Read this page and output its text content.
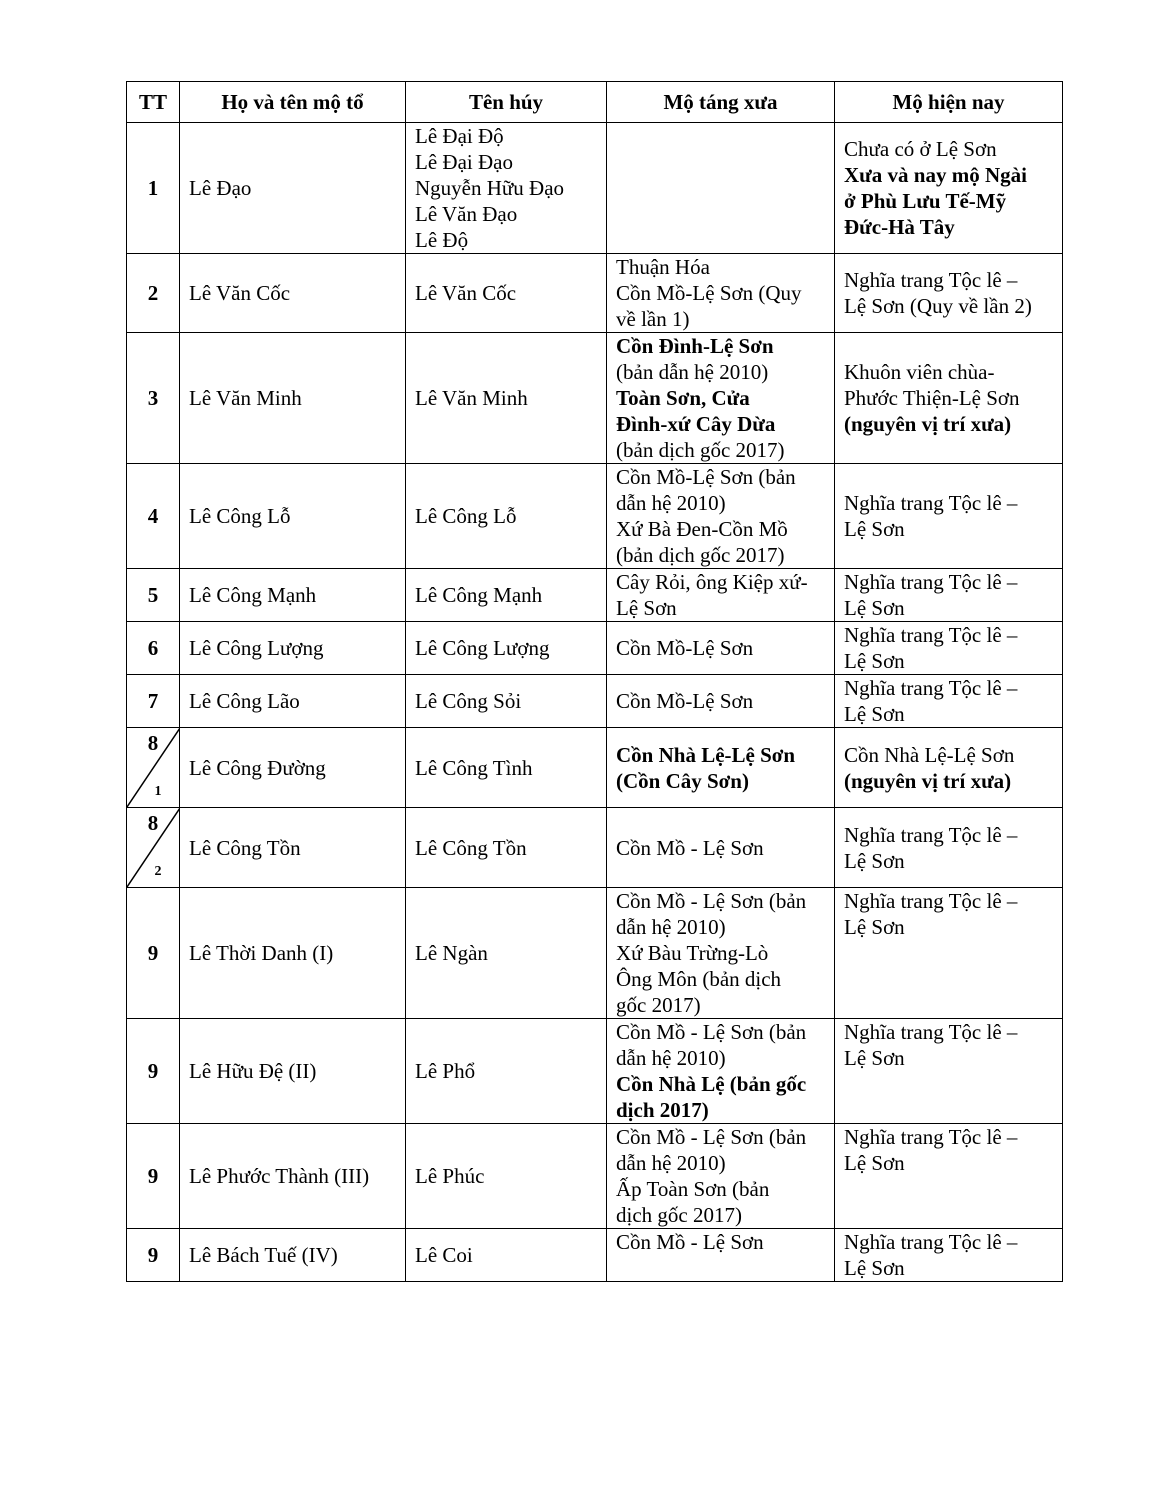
TT	Họ và tên mộ tổ	Tên húy	Mộ táng xưa	Mộ hiện nay
1	Lê Đạo	Lê Đại Độ
Lê Đại Đạo
Nguyễn Hữu Đạo
Lê Văn Đạo
Lê Độ		Chưa có ở Lệ Sơn
Xưa và nay mộ Ngài
ở Phù Lưu Tế-Mỹ
Đức-Hà Tây

2	Lê Văn Cốc	Lê Văn Cốc	Thuận Hóa
Cồn Mồ-Lệ Sơn (Quy
về lần 1)	Nghĩa trang Tộc lê –
Lệ Sơn (Quy về lần 2)

3	Lê Văn Minh	Lê Văn Minh	Cồn Đình-Lệ Sơn
(bản dẫn hệ 2010)
Toàn Sơn, Cửa
Đình-xứ Cây Dừa
(bản dịch gốc 2017)	Khuôn viên chùa-
Phước Thiện-Lệ Sơn
(nguyên vị trí xưa)

4	Lê Công Lỗ	Lê Công Lỗ	Cồn Mồ-Lệ Sơn (bản
dẫn hệ 2010)
Xứ Bà Đen-Cồn Mồ
(bản dịch gốc 2017)	Nghĩa trang Tộc lê –
Lệ Sơn

5	Lê Công Mạnh	Lê Công Mạnh	Cây Rỏi, ông Kiệp xứ-
Lệ Sơn	Nghĩa trang Tộc lê –
Lệ Sơn

6	Lê Công Lượng	Lê Công Lượng	Cồn Mồ-Lệ Sơn	Nghĩa trang Tộc lê –
Lệ Sơn

7	Lê Công Lão	Lê Công Sỏi	Cồn Mồ-Lệ Sơn	Nghĩa trang Tộc lê –
Lệ Sơn

8
1	Lê Công Đường	Lê Công Tình	Cồn Nhà Lệ-Lệ Sơn
(Cồn Cây Sơn)	Cồn Nhà Lệ-Lệ Sơn
(nguyên vị trí xưa)

8
2	Lê Công Tồn	Lê Công Tồn	Cồn Mồ - Lệ Sơn	Nghĩa trang Tộc lê –
Lệ Sơn

9	Lê Thời Danh (I)	Lê Ngàn	Cồn Mồ - Lệ Sơn (bản
dẫn hệ 2010)
Xứ Bàu Trừng-Lò
Ông Môn (bản dịch
gốc 2017)	Nghĩa trang Tộc lê –
Lệ Sơn

9	Lê Hữu Đệ (II)	Lê Phổ	Cồn Mồ - Lệ Sơn (bản
dẫn hệ 2010)
Cồn Nhà Lệ (bản gốc
dịch 2017)	Nghĩa trang Tộc lê –
Lệ Sơn

9	Lê Phước Thành (III)	Lê Phúc	Cồn Mồ - Lệ Sơn (bản
dẫn hệ 2010)
Ấp Toàn Sơn (bản
dịch gốc 2017)	Nghĩa trang Tộc lê –
Lệ Sơn

9	Lê Bách Tuế (IV)	Lê Coi	Cồn Mồ - Lệ Sơn	Nghĩa trang Tộc lê –
Lệ Sơn
